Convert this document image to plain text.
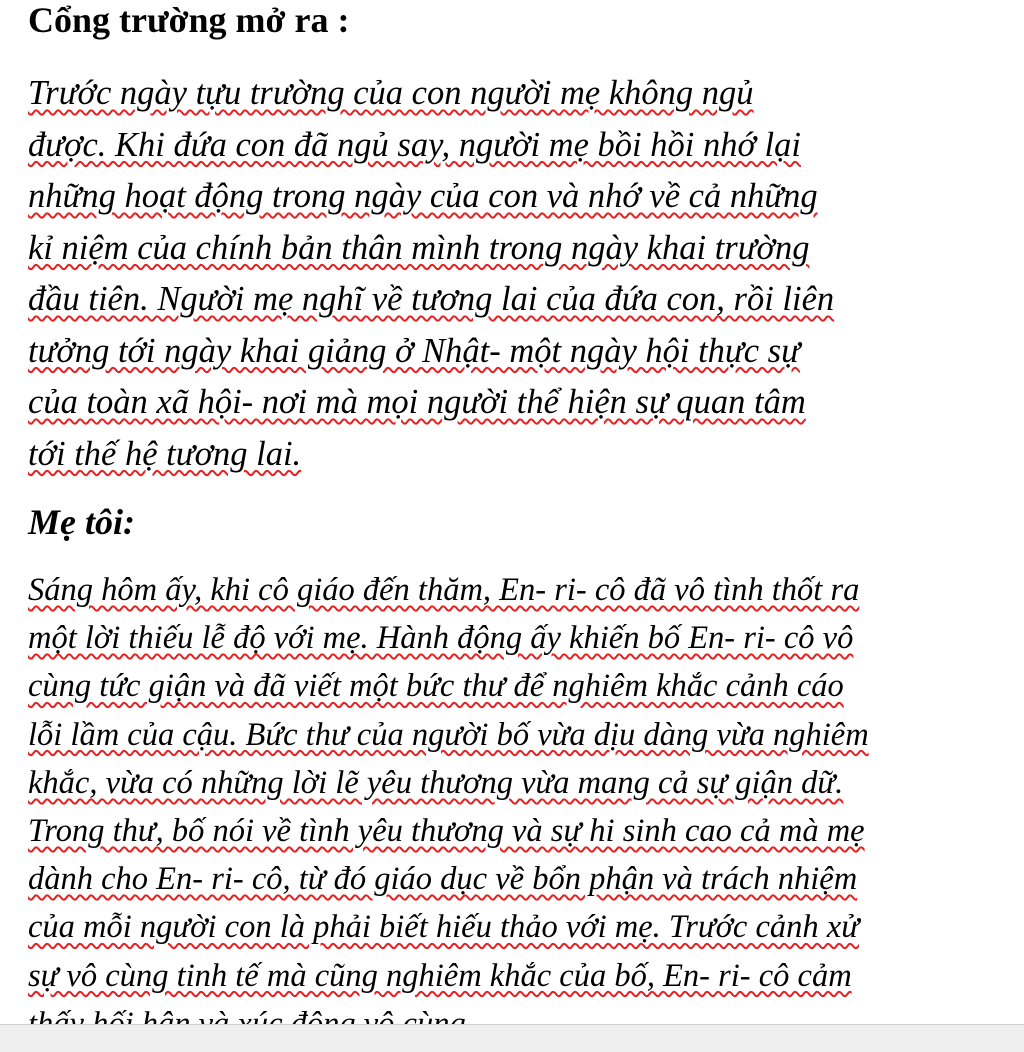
Cổng trường mở ra :
Trước ngày tựu trường của con người mẹ không ngủ
được. Khi đứa con đã ngủ say, người mẹ bồi hồi nhớ lại
những hoạt động trong ngày của con và nhớ về cả những
kỉ niệm của chính bản thân mình trong ngày khai trường
đầu tiên. Người mẹ nghĩ về tương lai của đứa con, rồi liên
tưởng tới ngày khai giảng ở Nhật- một ngày hội thực sự
của toàn xã hội- nơi mà mọi người thể hiện sự quan tâm
tới thế hệ tương lai.
Mẹ tôi:
Sáng hôm ấy, khi cô giáo đến thăm, En- ri- cô đã vô tình thốt ra
một lời thiếu lễ độ với mẹ. Hành động ấy khiến bố En- ri- cô vô
cùng tức giận và đã viết một bức thư để nghiêm khắc cảnh cáo
lỗi lầm của cậu. Bức thư của người bố vừa dịu dàng vừa nghiêm
khắc, vừa có những lời lẽ yêu thương vừa mang cả sự giận dữ.
Trong thư, bố nói về tình yêu thương và sự hi sinh cao cả mà mẹ
dành cho En- ri- cô, từ đó giáo dục về bổn phận và trách nhiệm
của mỗi người con là phải biết hiếu thảo với mẹ. Trước cảnh xử
sự vô cùng tinh tế mà cũng nghiêm khắc của bố, En- ri- cô cảm
